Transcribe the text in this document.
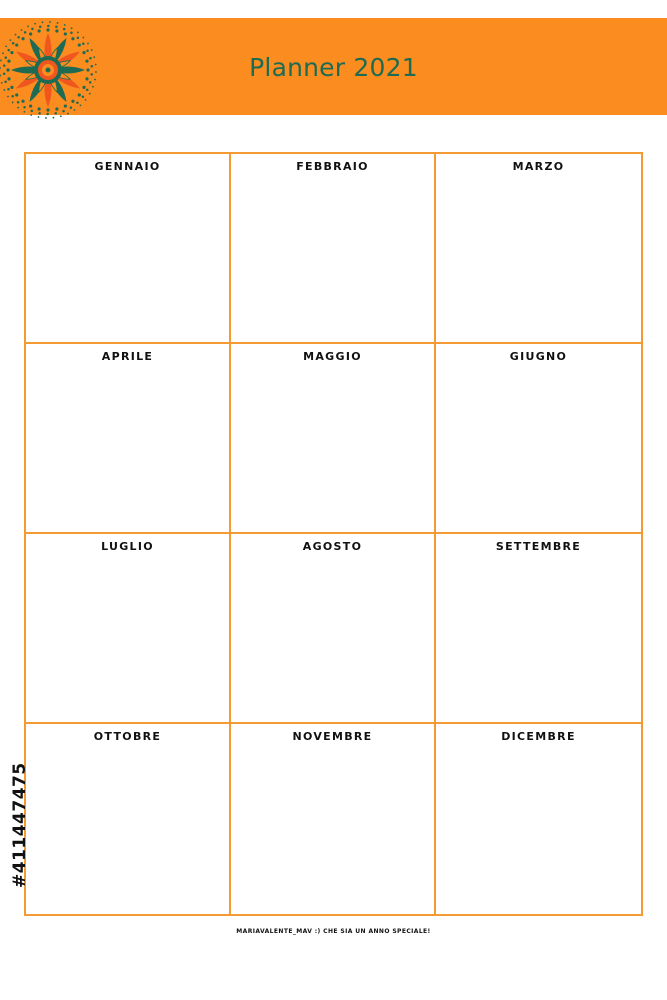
Planner 2021
GENNAIO	FEBBRAIO	MARZO
APRILE	MAGGIO	GIUGNO
LUGLIO	AGOSTO	SETTEMBRE
OTTOBRE	NOVEMBRE	DICEMBRE
MARIAVALENTE_MAV :) CHE SIA UN ANNO SPECIALE!
#411447475
